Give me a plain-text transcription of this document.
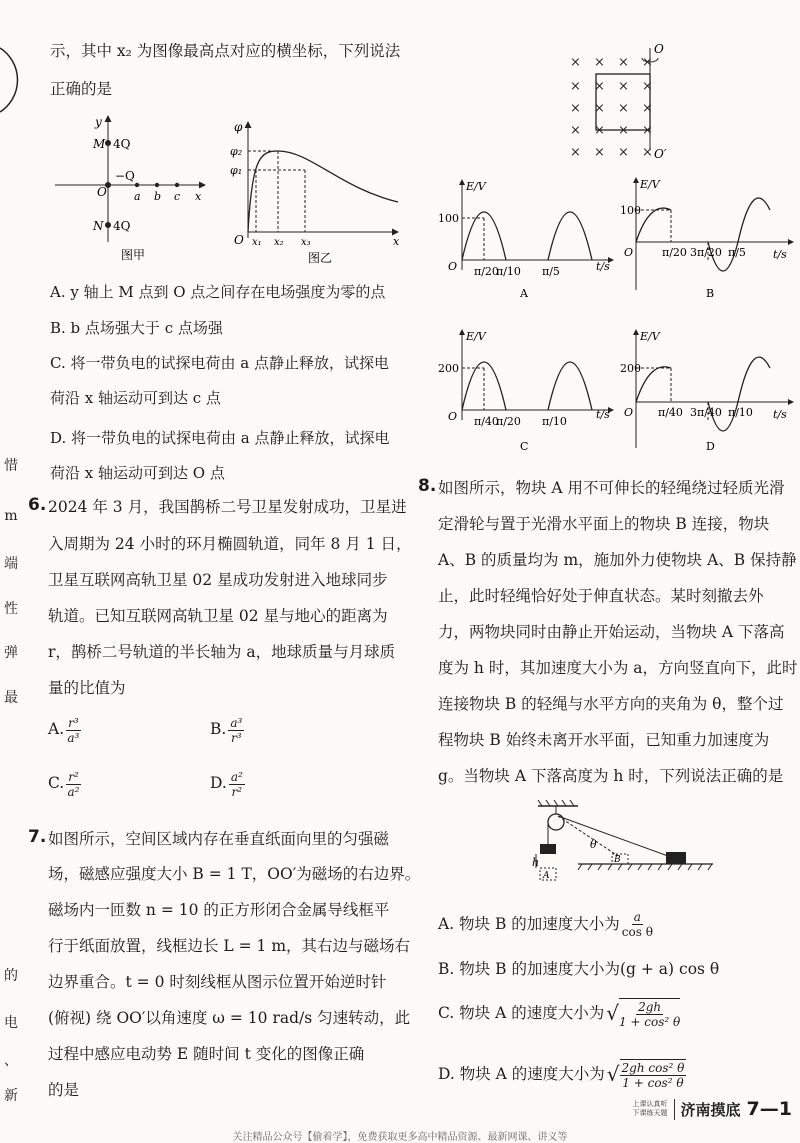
惜
m
端
性
弹
最
的
电
、
新

示，其中 x₂ 为图像最高点对应的横坐标，下列说法

正确的是

y
M 4Q
O
−Q
a b c x
N 4Q
图甲
φ
φ₂
φ₁
O x₁ x₂ x₃	x
图乙

A. y 轴上 M 点到 O 点之间存在电场强度为零的点

B. b 点场强大于 c 点场强

C. 将一带负电的试探电荷由 a 点静止释放，试探电

荷沿 x 轴运动可到达 c 点

D. 将一带负电的试探电荷由 a 点静止释放，试探电

荷沿 x 轴运动可到达 O 点

6. 2024 年 3 月，我国鹊桥二号卫星发射成功，卫星进

入周期为 24 小时的环月椭圆轨道，同年 8 月 1 日，

卫星互联网高轨卫星 02 星成功发射进入地球同步

轨道。已知互联网高轨卫星 02 星与地心的距离为

r，鹊桥二号轨道的半长轴为 a，地球质量与月球质

量的比值为

A. $\frac{\text{r³}}{\text{a³}}$	B. $\frac{\text{a³}}{\text{r³}}$
C. $\frac{\text{r²}}{\text{a²}}$	D. $\frac{\text{a²}}{\text{r²}}$
7. 如图所示，空间区域内存在垂直纸面向里的匀强磁

场，磁感应强度大小 B = 1 T，OO′为磁场的右边界。

磁场内一匝数 n = 10 的正方形闭合金属导线框平

行于纸面放置，线框边长 L = 1 m，其右边与磁场右

边界重合。t = 0 时刻线框从图示位置开始逆时针

(俯视) 绕 OO′以角速度 ω = 10 rad/s 匀速转动，此

过程中感应电动势 E 随时间 t 变化的图像正确

的是

× × × ×
× × × ×
× × × ×
× × × ×
× × × ×
O
O′
E/V
100
O π/20
π/10 π/5	t/s
A
E/V
100
O	π/20 3π/20 π/5 t/s
B
E/V
200
O π/40
π/20 π/10
t/s
C
E/V
200
O π/40 3π/40 π/10 t/s
D
8. 如图所示，物块 A 用不可伸长的轻绳绕过轻质光滑

定滑轮与置于光滑水平面上的物块 B 连接，物块

A、B 的质量均为 m，施加外力使物块 A、B 保持静

止，此时轻绳恰好处于伸直状态。某时刻撤去外

力，两物块同时由静止开始运动，当物块 A 下落高

度为 h 时，其加速度大小为 a，方向竖直向下，此时

连接物块 B 的轻绳与水平方向的夹角为 θ，整个过

程物块 B 始终未离开水平面，已知重力加速度为

g。当物块 A 下落高度为 h 时，下列说法正确的是

h
A
B
θ
A. 物块 B 的加速度大小为 $\frac{a}{\text{cos θ}}$
B. 物块 B 的加速度大小为(g + a) cos θ
C. 物块 A 的速度大小为 √ $\frac{2gh}{\text{1 + cos² θ}}$
D. 物块 A 的速度大小为 √ $\frac{\text{2gh cos² θ}}{\text{1 + cos² θ}}$
上课认真听
下课练天题 济南摸底 7—1
关注精品公众号【偷着学】，免费获取更多高中精品资源、最新网课、讲义等
